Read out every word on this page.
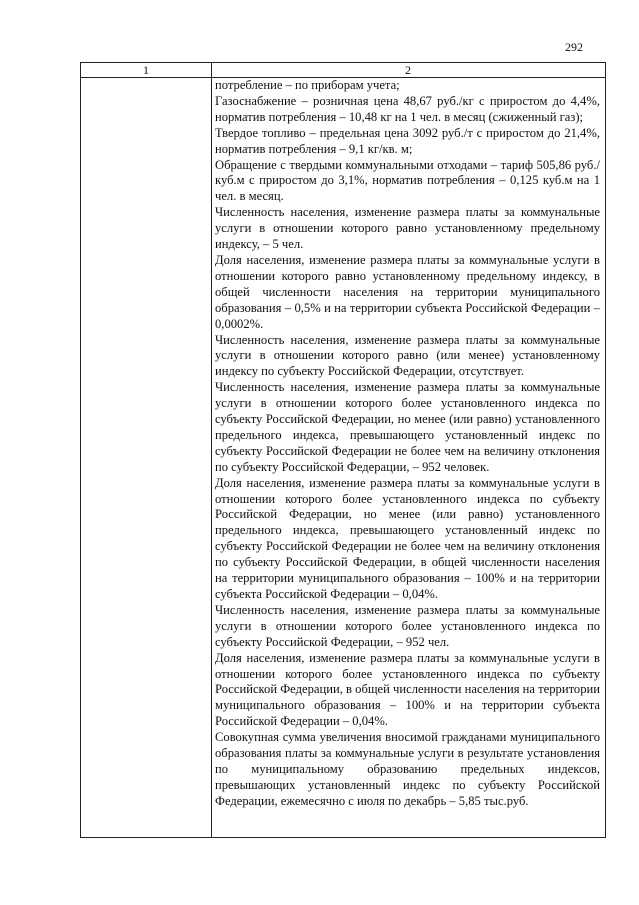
292
1	2

потребление – по приборам учета;

Газоснабжение – розничная цена 48,67 руб./кг с приростом до 4,4%, норматив потребления – 10,48 кг на 1 чел. в месяц (сжиженный газ);

Твердое топливо – предельная цена 3092 руб./т с приростом до 21,4%, норматив потребления – 9,1 кг/кв. м;

Обращение с твердыми коммунальными отходами – тариф 505,86 руб./куб.м с приростом до 3,1%, норматив потребления – 0,125 куб.м на 1 чел. в месяц.

Численность населения, изменение размера платы за коммунальные услуги в отношении которого равно установленному предельному индексу, – 5 чел.

Доля населения, изменение размера платы за коммунальные услуги в отношении которого равно установленному предельному индексу, в общей численности населения на территории муниципального образования – 0,5% и на территории субъекта Российской Федерации – 0,0002%.

Численность населения, изменение размера платы за коммунальные услуги в отношении которого равно (или менее) установленному индексу по субъекту Российской Федерации, отсутствует.

Численность населения, изменение размера платы за коммунальные услуги в отношении которого более установленного индекса по субъекту Российской Федерации, но менее (или равно) установленного предельного индекса, превышающего установленный индекс по субъекту Российской Федерации не более чем на величину отклонения по субъекту Российской Федерации, – 952 человек.

Доля населения, изменение размера платы за коммунальные услуги в отношении которого более установленного индекса по субъекту Российской Федерации, но менее (или равно) установленного предельного индекса, превышающего установленный индекс по субъекту Российской Федерации не более чем на величину отклонения по субъекту Российской Федерации, в общей численности населения на территории муниципального образования – 100% и на территории субъекта Российской Федерации – 0,04%.

Численность населения, изменение размера платы за коммунальные услуги в отношении которого более установленного индекса по субъекту Российской Федерации, – 952 чел.

Доля населения, изменение размера платы за коммунальные услуги в отношении которого более установленного индекса по субъекту Российской Федерации, в общей численности населения на территории муниципального образования – 100% и на территории субъекта Российской Федерации – 0,04%.

Совокупная сумма увеличения вносимой гражданами муниципального образования платы за коммунальные услуги в результате установления по муниципальному образованию предельных индексов, превышающих установленный индекс по субъекту Российской Федерации, ежемесячно с июля по декабрь – 5,85 тыс.руб.
